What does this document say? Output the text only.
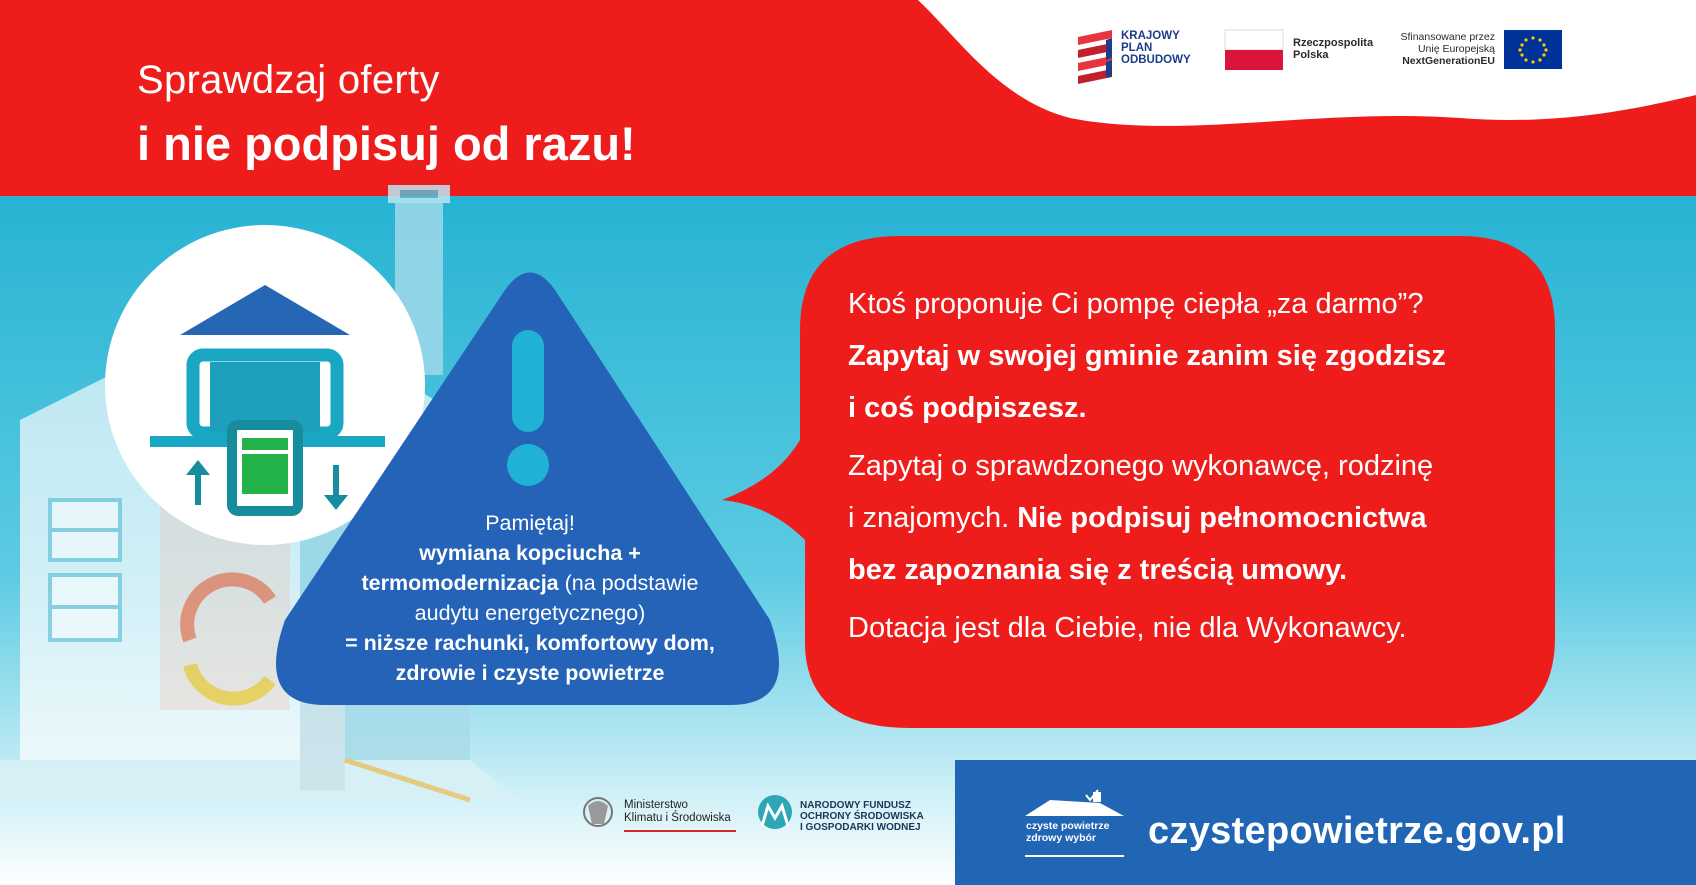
Sprawdzaj oferty
i nie podpisuj od razu!
KRAJOWY
PLAN
ODBUDOWY
Rzeczpospolita
Polska
Sfinansowane przez
Unię Europejską
NextGenerationEU

Ktoś proponuje Ci pompę ciepła „za darmo”?
Zapytaj w swojej gminie zanim się zgodzisz
i coś podpiszesz.

Zapytaj o sprawdzonego wykonawcę, rodzinę
i znajomych. Nie podpisuj pełnomocnictwa
bez zapoznania się z treścią umowy.

Dotacja jest dla Ciebie, nie dla Wykonawcy.

Pamiętaj!
wymiana kopciucha +
termomodernizacja (na podstawie
audytu energetycznego)
= niższe rachunki, komfortowy dom,
zdrowie i czyste powietrze
Ministerstwo
Klimatu i Środowiska
NARODOWY FUNDUSZ
OCHRONY ŚRODOWISKA
I GOSPODARKI WODNEJ	czyste powietrze
zdrowy wybór	czystepowietrze.gov.pl
